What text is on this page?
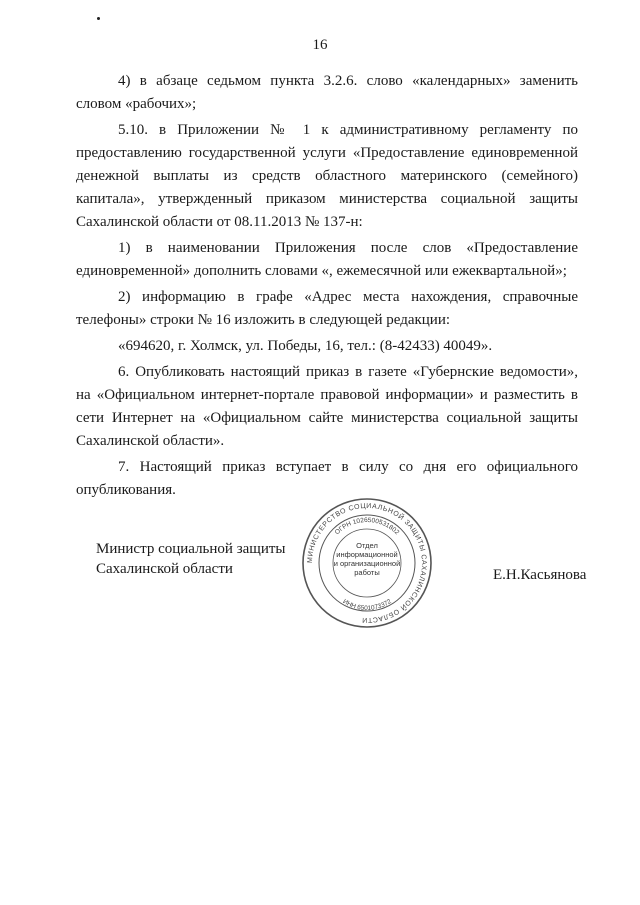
16

4) в абзаце седьмом пункта 3.2.6. слово «календарных» заменить словом «рабочих»;

5.10. в Приложении № 1 к административному регламенту по предоставлению государственной услуги «Предоставление единовременной денежной выплаты из средств областного материнского (семейного) капитала», утвержденный приказом министерства социальной защиты Сахалинской области от 08.11.2013 № 137-н:

1) в наименовании Приложения после слов «Предоставление единовременной» дополнить словами «, ежемесячной или ежеквартальной»;

2) информацию в графе «Адрес места нахождения, справочные телефоны» строки № 16 изложить в следующей редакции:

«694620, г. Холмск, ул. Победы, 16, тел.: (8-42433) 40049».

6. Опубликовать настоящий приказ в газете «Губернские ведомости», на «Официальном интернет-портале правовой информации» и разместить в сети Интернет на «Официальном сайте министерства социальной защиты Сахалинской области».

7. Настоящий приказ вступает в силу со дня его официального опубликования.

Министр социальной защиты
Сахалинской области
МИНИСТЕРСТВО СОЦИАЛЬНОЙ ЗАЩИТЫ САХАЛИНСКОЙ ОБЛАСТИ
ОГРН 1026500531802
ИНН 6501073372
Отдел
информационной
и организационной
работы	Е.Н.Касьянова
